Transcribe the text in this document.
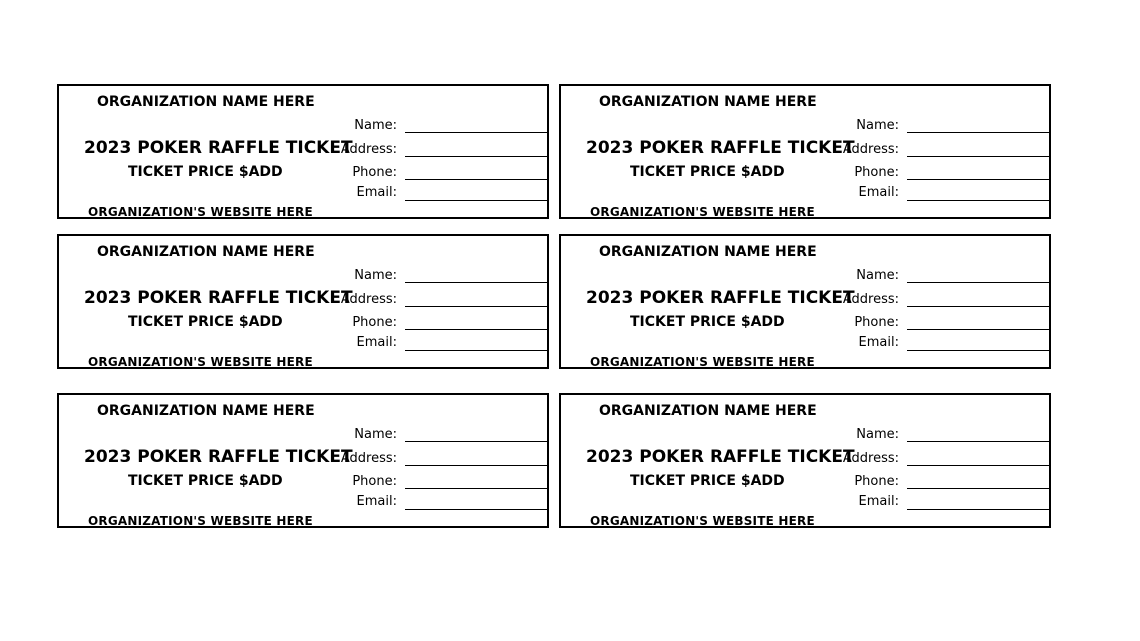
ORGANIZATION NAME HERE
2023 POKER RAFFLE TICKET
TICKET PRICE $ADD
ORGANIZATION'S WEBSITE HERE
Name:
Address:
Phone:
Email:
ORGANIZATION NAME HERE
2023 POKER RAFFLE TICKET
TICKET PRICE $ADD
ORGANIZATION'S WEBSITE HERE
Name:
Address:
Phone:
Email:
ORGANIZATION NAME HERE
2023 POKER RAFFLE TICKET
TICKET PRICE $ADD
ORGANIZATION'S WEBSITE HERE
Name:
Address:
Phone:
Email:
ORGANIZATION NAME HERE
2023 POKER RAFFLE TICKET
TICKET PRICE $ADD
ORGANIZATION'S WEBSITE HERE
Name:
Address:
Phone:
Email:
ORGANIZATION NAME HERE
2023 POKER RAFFLE TICKET
TICKET PRICE $ADD
ORGANIZATION'S WEBSITE HERE
Name:
Address:
Phone:
Email:
ORGANIZATION NAME HERE
2023 POKER RAFFLE TICKET
TICKET PRICE $ADD
ORGANIZATION'S WEBSITE HERE
Name:
Address:
Phone:
Email:
